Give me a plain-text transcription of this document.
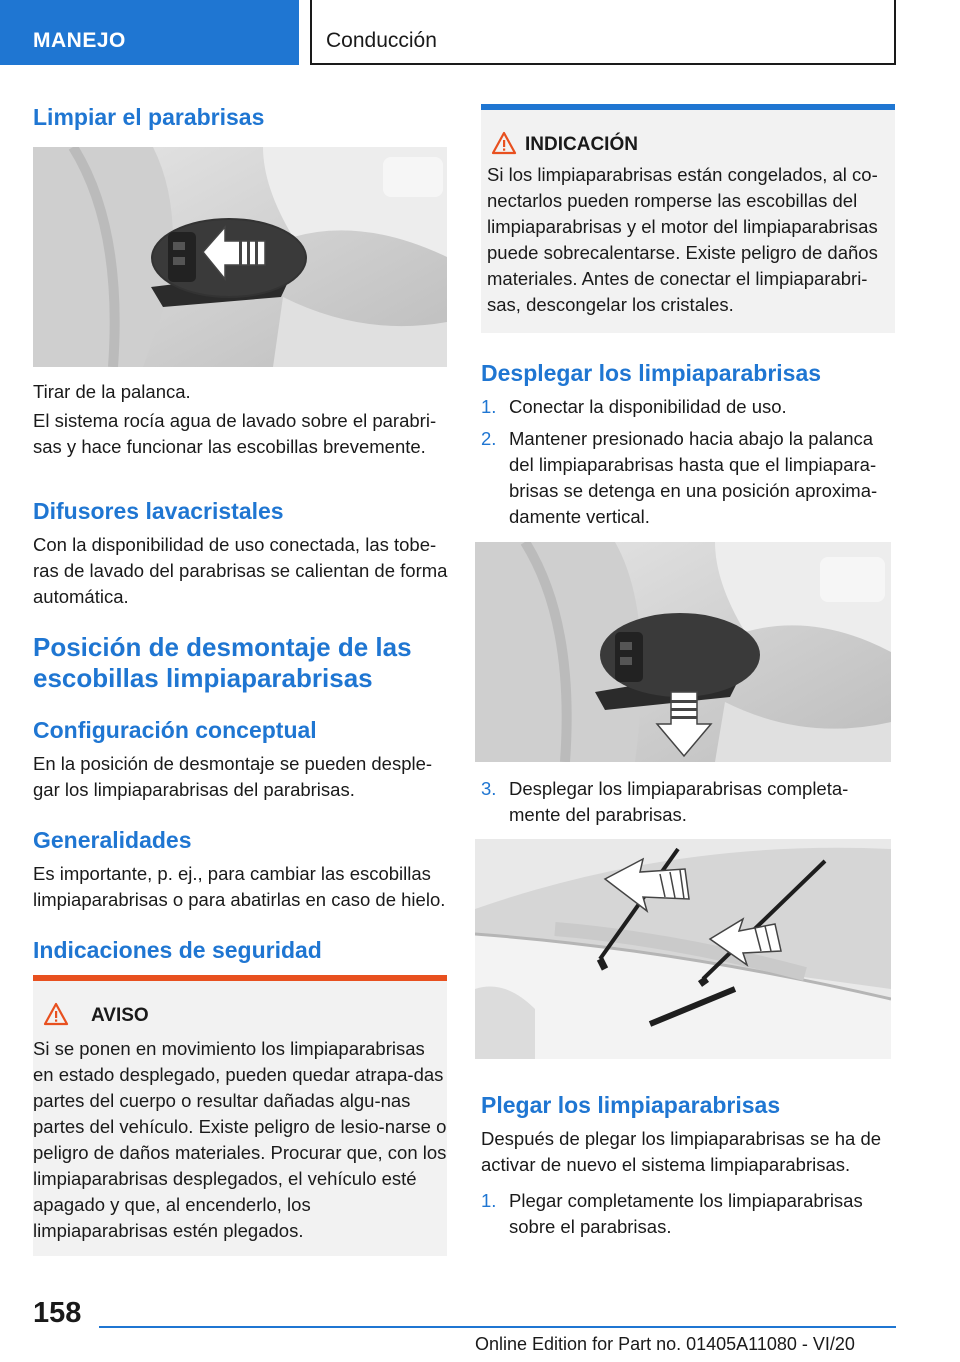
MANEJO	Conducción
Limpiar el parabrisas

Tirar de la palanca.

El sistema rocía agua de lavado sobre el parabri-sas y hace funcionar las escobillas brevemente.

Difusores lavacristales

Con la disponibilidad de uso conectada, las tobe-ras de lavado del parabrisas se calientan de forma automática.

Posición de desmontaje de las escobillas limpiaparabrisas
Configuración conceptual

En la posición de desmontaje se pueden desple-gar los limpiaparabrisas del parabrisas.

Generalidades

Es importante, p. ej., para cambiar las escobillas limpiaparabrisas o para abatirlas en caso de hielo.

Indicaciones de seguridad
AVISO

Si se ponen en movimiento los limpiaparabrisas en estado desplegado, pueden quedar atrapa-das partes del cuerpo o resultar dañadas algu-nas partes del vehículo. Existe peligro de lesio-narse o peligro de daños materiales. Procurar que, con los limpiaparabrisas desplegados, el vehículo esté apagado y que, al encenderlo, los limpiaparabrisas estén plegados.

INDICACIÓN

Si los limpiaparabrisas están congelados, al co-nectarlos pueden romperse las escobillas del limpiaparabrisas y el motor del limpiaparabrisas puede sobrecalentarse. Existe peligro de daños materiales. Antes de conectar el limpiaparabri-sas, descongelar los cristales.

Desplegar los limpiaparabrisas
1. Conectar la disponibilidad de uso.
2. Mantener presionado hacia abajo la palanca del limpiaparabrisas hasta que el limpiapara-brisas se detenga en una posición aproxima-damente vertical.
3. Desplegar los limpiaparabrisas completa-mente del parabrisas.
Plegar los limpiaparabrisas

Después de plegar los limpiaparabrisas se ha de activar de nuevo el sistema limpiaparabrisas.

1. Plegar completamente los limpiaparabrisas sobre el parabrisas.
158
Online Edition for Part no. 01405A11080 - VI/20
